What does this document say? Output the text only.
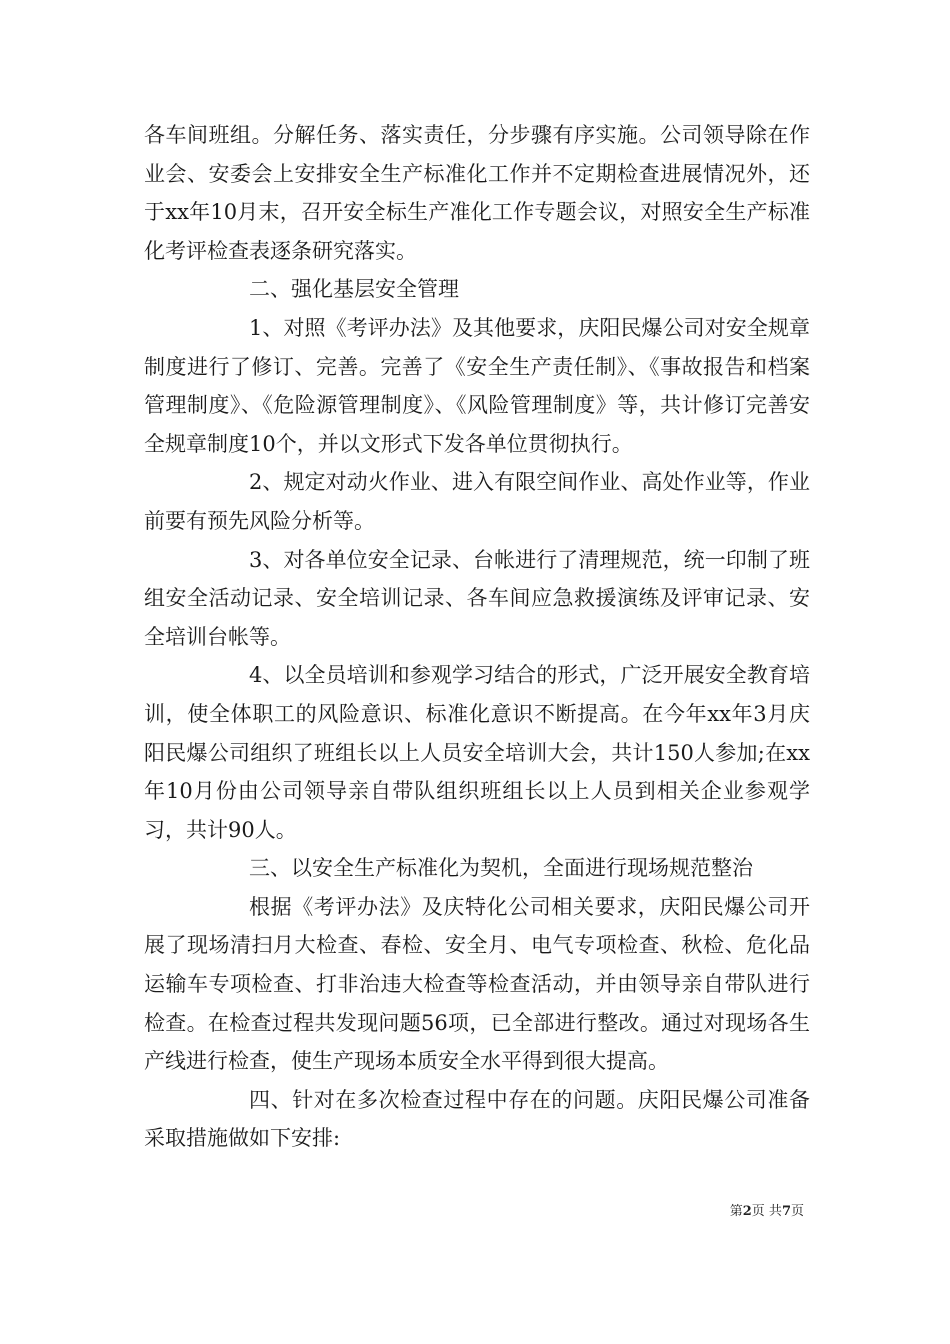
各车间班组。分解任务、落实责任，分步骤有序实施。公司领导除在作业会、安委会上安排安全生产标准化工作并不定期检查进展情况外，还于xx年10月末，召开安全标生产准化工作专题会议，对照安全生产标准化考评检查表逐条研究落实。

二、强化基层安全管理

1、对照《考评办法》及其他要求，庆阳民爆公司对安全规章制度进行了修订、完善。完善了《安全生产责任制》、《事故报告和档案管理制度》、《危险源管理制度》、《风险管理制度》等，共计修订完善安全规章制度10个，并以文形式下发各单位贯彻执行。

2、规定对动火作业、进入有限空间作业、高处作业等，作业前要有预先风险分析等。

3、对各单位安全记录、台帐进行了清理规范，统一印制了班组安全活动记录、安全培训记录、各车间应急救援演练及评审记录、安全培训台帐等。

4、以全员培训和参观学习结合的形式，广泛开展安全教育培训，使全体职工的风险意识、标准化意识不断提高。在今年xx年3月庆阳民爆公司组织了班组长以上人员安全培训大会，共计150人参加;在xx年10月份由公司领导亲自带队组织班组长以上人员到相关企业参观学习，共计90人。

三、以安全生产标准化为契机，全面进行现场规范整治

根据《考评办法》及庆特化公司相关要求，庆阳民爆公司开展了现场清扫月大检查、春检、安全月、电气专项检查、秋检、危化品运输车专项检查、打非治违大检查等检查活动，并由领导亲自带队进行检查。在检查过程共发现问题56项，已全部进行整改。通过对现场各生产线进行检查，使生产现场本质安全水平得到很大提高。

四、针对在多次检查过程中存在的问题。庆阳民爆公司准备采取措施做如下安排:

第2页 共7页
